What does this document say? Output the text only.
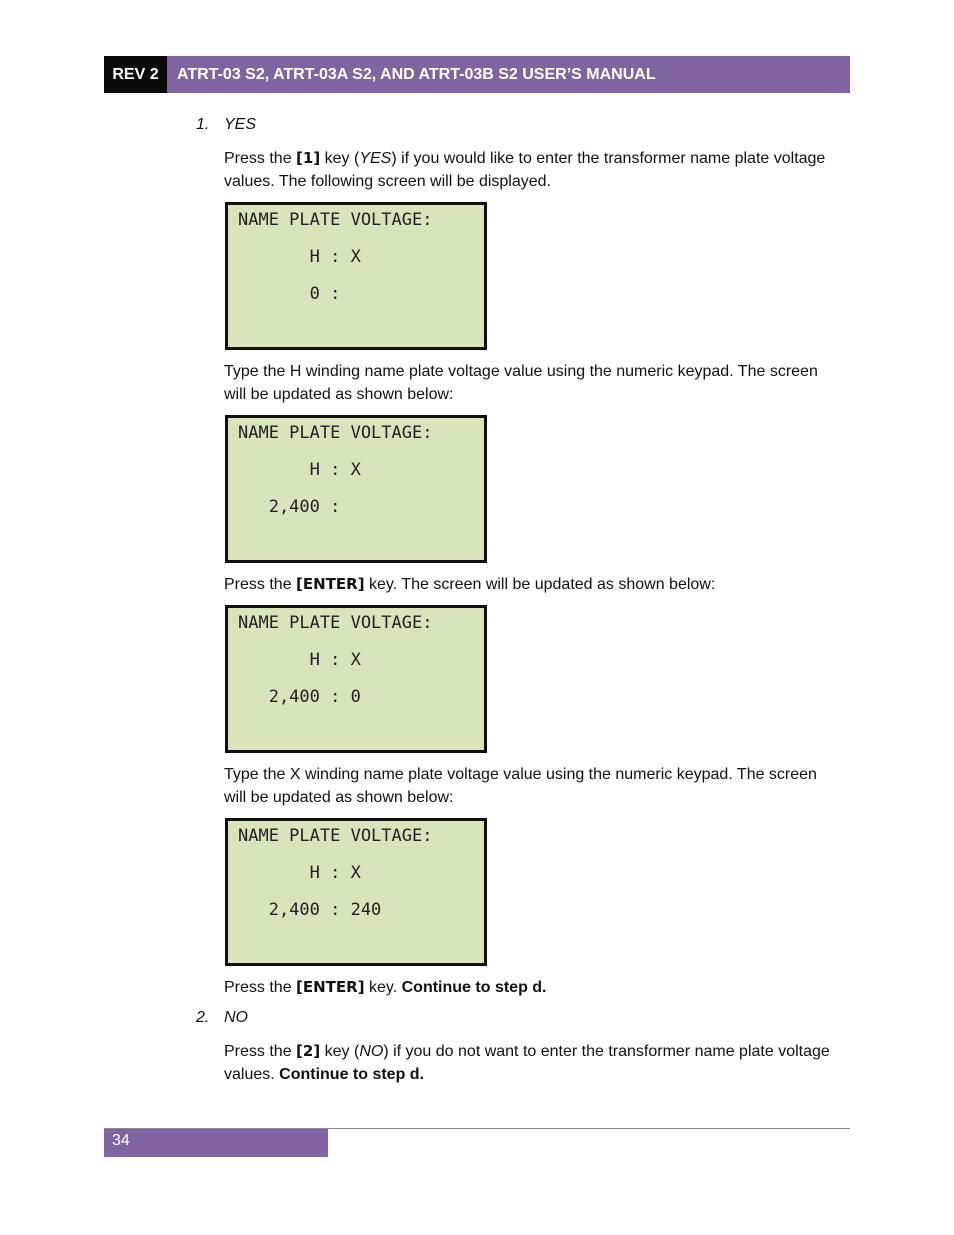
REV 2	ATRT-03 S2, ATRT-03A S2, AND ATRT-03B S2 USER’S MANUAL
1. YES
Press the [1] key (YES) if you would like to enter the transformer name plate voltage values. The following screen will be displayed.
NAME PLATE VOLTAGE:
H : X
0 :
Type the H winding name plate voltage value using the numeric keypad. The screen will be updated as shown below:
NAME PLATE VOLTAGE:
H : X
2,400 :
Press the [ENTER] key. The screen will be updated as shown below:
NAME PLATE VOLTAGE:
H : X
2,400 : 0
Type the X winding name plate voltage value using the numeric keypad. The screen will be updated as shown below:
NAME PLATE VOLTAGE:
H : X
2,400 : 240
Press the [ENTER] key. Continue to step d.
2. NO
Press the [2] key (NO) if you do not want to enter the transformer name plate voltage values. Continue to step d.
34
